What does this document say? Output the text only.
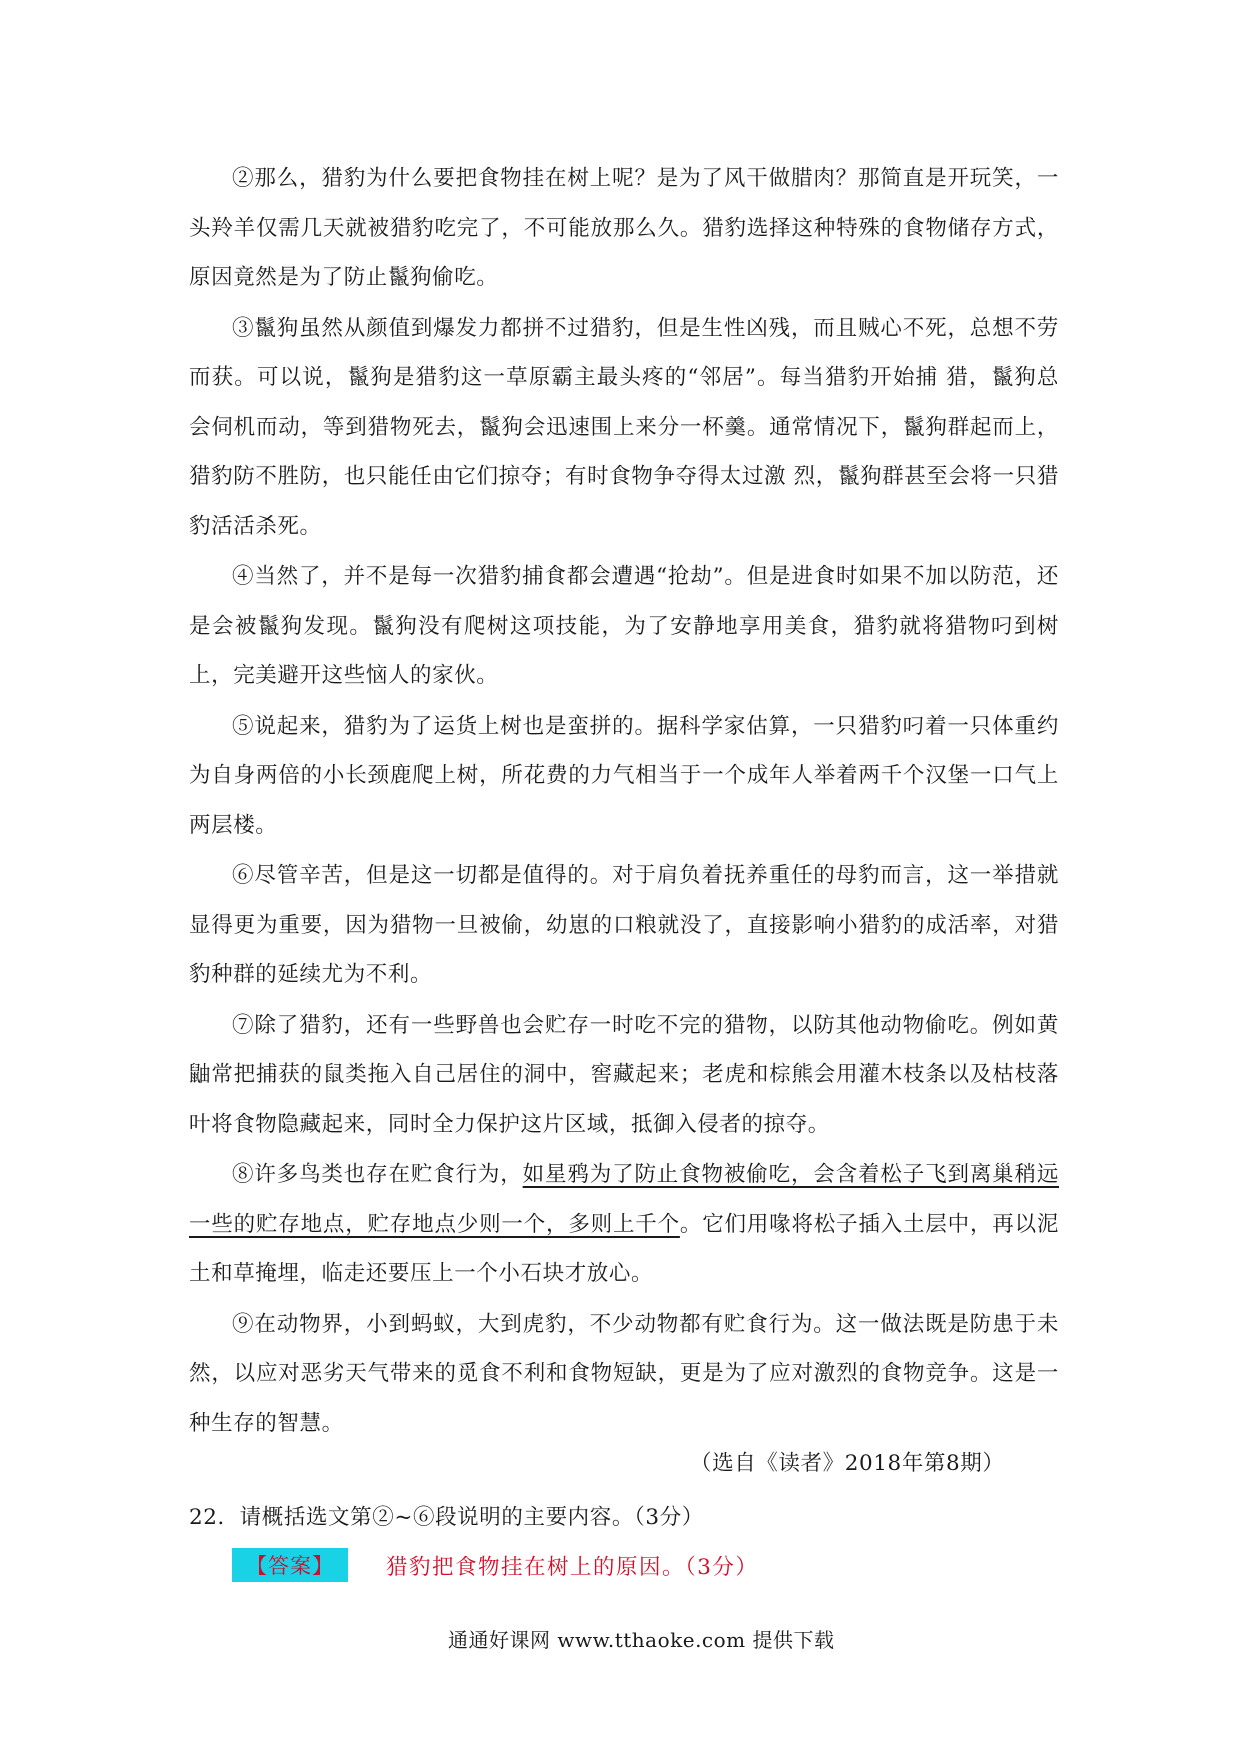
②那么，猎豹为什么要把食物挂在树上呢？是为了风干做腊肉？那简直是开玩笑，一头羚羊仅需几天就被猎豹吃完了，不可能放那么久。猎豹选择这种特殊的食物储存方式，原因竟然是为了防止鬣狗偷吃。

③鬣狗虽然从颜值到爆发力都拼不过猎豹，但是生性凶残，而且贼心不死，总想不劳而获。可以说，鬣狗是猎豹这一草原霸主最头疼的“邻居”。每当猎豹开始捕 猎，鬣狗总会伺机而动，等到猎物死去，鬣狗会迅速围上来分一杯羹。通常情况下，鬣狗群起而上，猎豹防不胜防，也只能任由它们掠夺；有时食物争夺得太过激 烈，鬣狗群甚至会将一只猎豹活活杀死。

④当然了，并不是每一次猎豹捕食都会遭遇“抢劫”。但是进食时如果不加以防范，还是会被鬣狗发现。鬣狗没有爬树这项技能，为了安静地享用美食，猎豹就将猎物叼到树上，完美避开这些恼人的家伙。

⑤说起来，猎豹为了运货上树也是蛮拼的。据科学家估算，一只猎豹叼着一只体重约为自身两倍的小长颈鹿爬上树，所花费的力气相当于一个成年人举着两千个汉堡一口气上两层楼。

⑥尽管辛苦，但是这一切都是值得的。对于肩负着抚养重任的母豹而言，这一举措就显得更为重要，因为猎物一旦被偷，幼崽的口粮就没了，直接影响小猎豹的成活率，对猎豹种群的延续尤为不利。

⑦除了猎豹，还有一些野兽也会贮存一时吃不完的猎物，以防其他动物偷吃。例如黄鼬常把捕获的鼠类拖入自己居住的洞中，窖藏起来；老虎和棕熊会用灌木枝条以及枯枝落叶将食物隐藏起来，同时全力保护这片区域，抵御入侵者的掠夺。

⑧许多鸟类也存在贮食行为，如星鸦为了防止食物被偷吃，会含着松子飞到离巢稍远一些的贮存地点，贮存地点少则一个，多则上千个。它们用喙将松子插入土层中，再以泥土和草掩埋，临走还要压上一个小石块才放心。

⑨在动物界，小到蚂蚁，大到虎豹，不少动物都有贮食行为。这一做法既是防患于未然，以应对恶劣天气带来的觅食不利和食物短缺，更是为了应对激烈的食物竞争。这是一种生存的智慧。

（选自《读者》2018年第8期）
22．请概括选文第②~⑥段说明的主要内容。（3分）
【答案】	猎豹把食物挂在树上的原因。（3分）
通通好课网 www.tthaoke.com 提供下载
